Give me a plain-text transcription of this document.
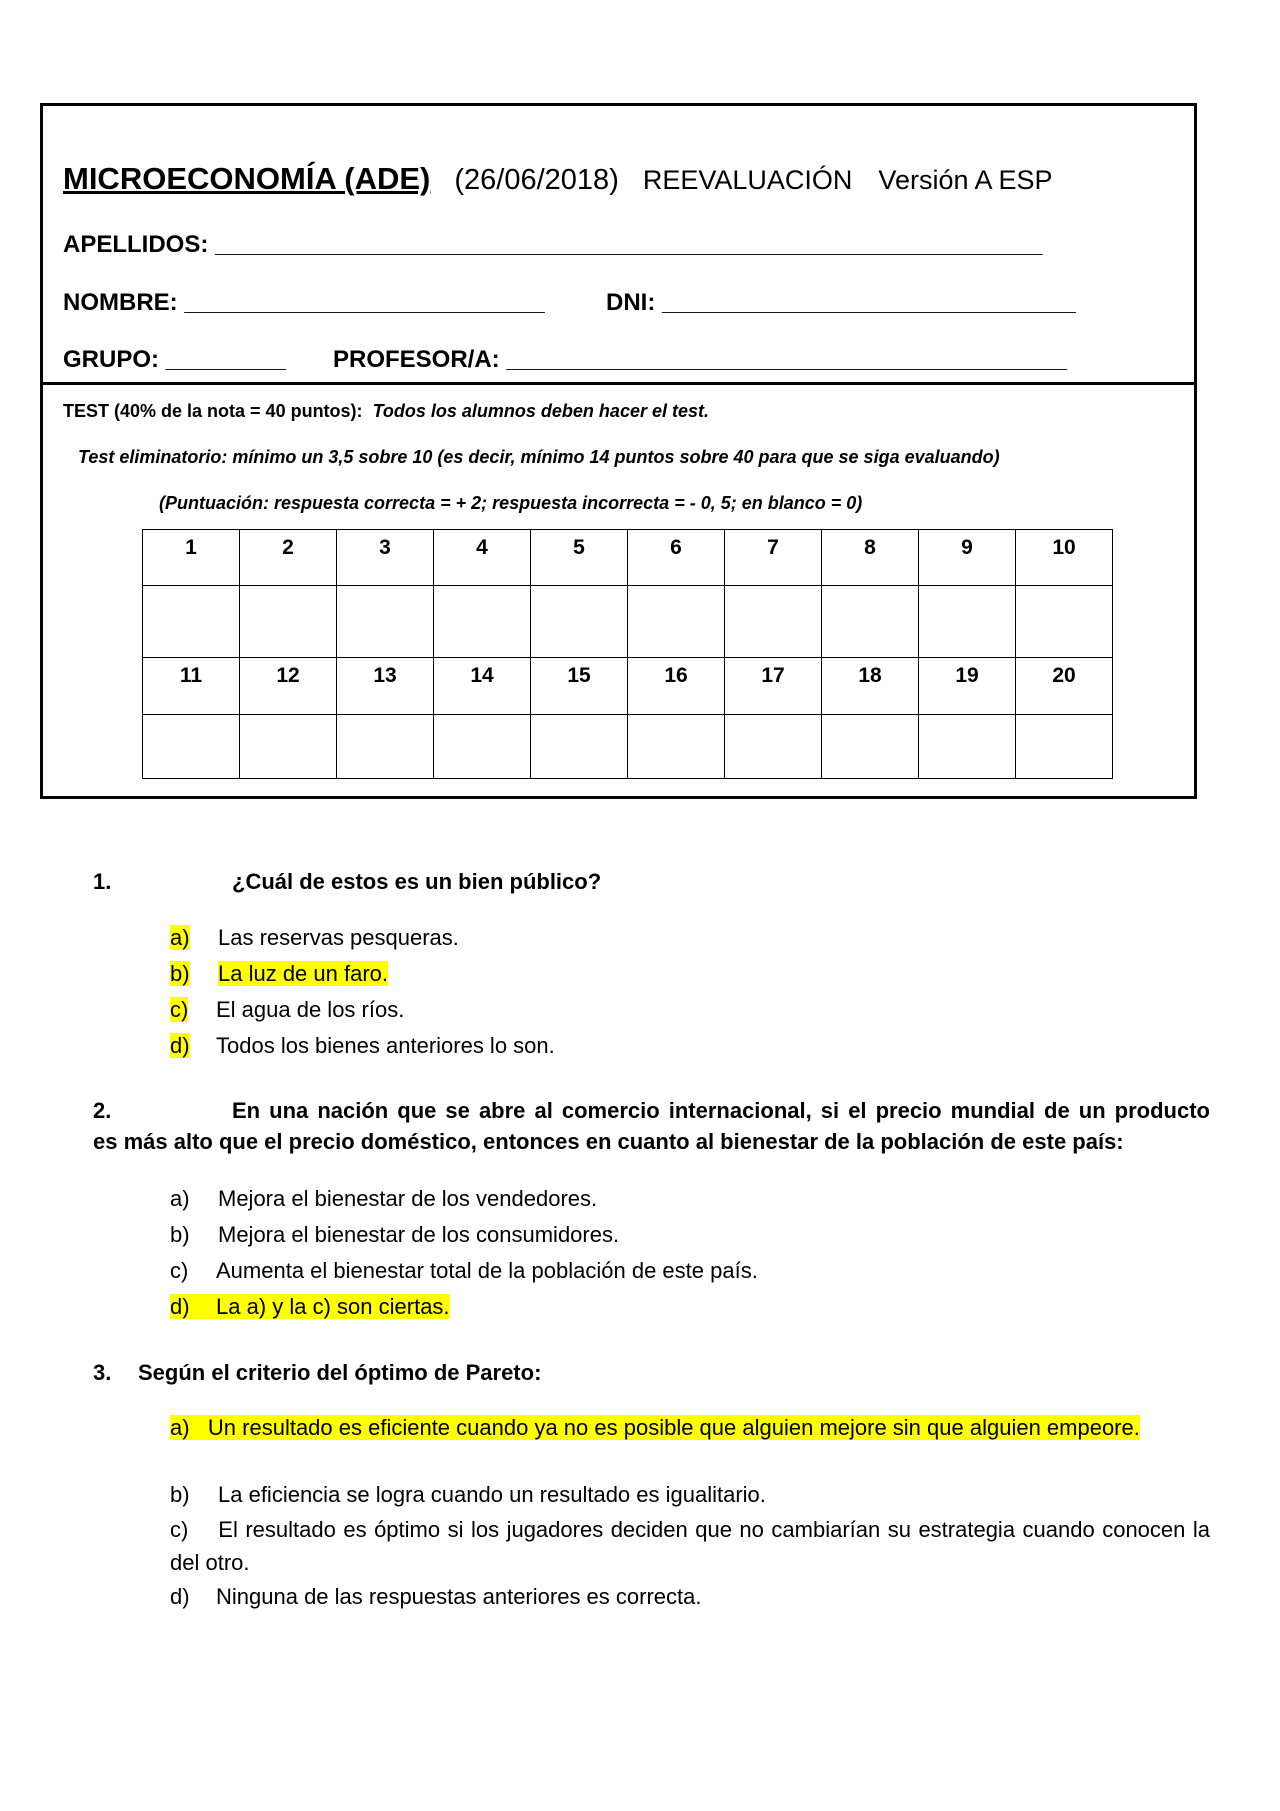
MICROECONOMÍA (ADE) (26/06/2018) REEVALUACIÓN Versión A ESP
APELLIDOS: ______________________________________________________________
NOMBRE: ___________________________	DNI: _______________________________
GRUPO: _________ PROFESOR/A: __________________________________________
TEST (40% de la nota = 40 puntos): Todos los alumnos deben hacer el test.
Test eliminatorio: mínimo un 3,5 sobre 10 (es decir, mínimo 14 puntos sobre 40 para que se siga evaluando)
(Puntuación: respuesta correcta = + 2; respuesta incorrecta = - 0, 5; en blanco = 0)
1	2	3	4	5	6	7	8	9	10

11	12	13	14	15	16	17	18	19	20

1.	¿Cuál de estos es un bien público?
a) Las reservas pesqueras.
b) La luz de un faro.
c) El agua de los ríos.
d) Todos los bienes anteriores lo son.
2.	En una nación que se abre al comercio internacional, si el precio mundial de un producto
es más alto que el precio doméstico, entonces en cuanto al bienestar de la población de este país:
a) Mejora el bienestar de los vendedores.
b) Mejora el bienestar de los consumidores.
c) Aumenta el bienestar total de la población de este país.
d) La a) y la c) son ciertas.
3. Según el criterio del óptimo de Pareto:
a) Un resultado es eficiente cuando ya no es posible que alguien mejore sin que alguien empeore.
b) La eficiencia se logra cuando un resultado es igualitario.
c) El resultado es óptimo si los jugadores deciden que no cambiarían su estrategia cuando conocen la del otro.
d) Ninguna de las respuestas anteriores es correcta.
